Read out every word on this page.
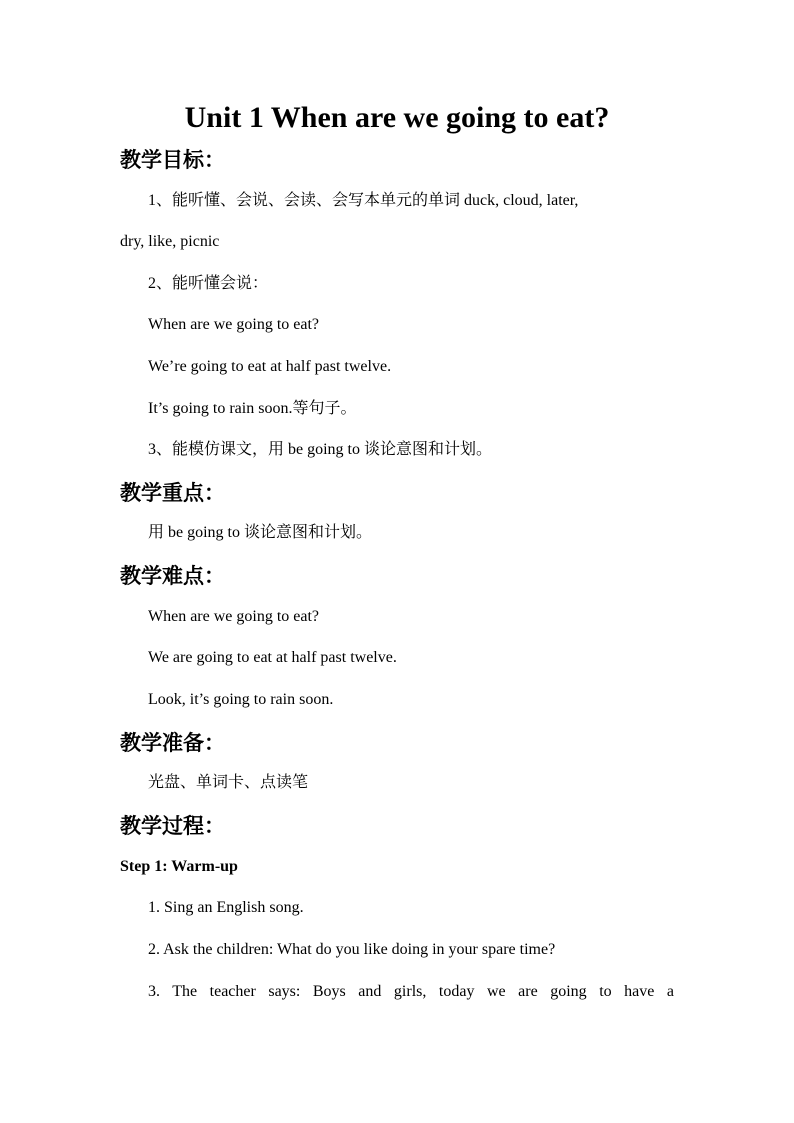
Unit 1 When are we going to eat?
教学目标：
1、能听懂、会说、会读、会写本单元的单词 duck, cloud, later,
dry, like, picnic
2、能听懂会说：
When are we going to eat?
We’re going to eat at half past twelve.
It’s going to rain soon.等句子。
3、能模仿课文，用 be going to 谈论意图和计划。
教学重点：
用 be going to 谈论意图和计划。
教学难点：
When are we going to eat?
We are going to eat at half past twelve.
Look, it’s going to rain soon.
教学准备：
光盘、单词卡、点读笔
教学过程：
Step 1: Warm-up
1. Sing an English song.
2. Ask the children: What do you like doing in your spare time?
3. The teacher says: Boys and girls, today we are going to have a
